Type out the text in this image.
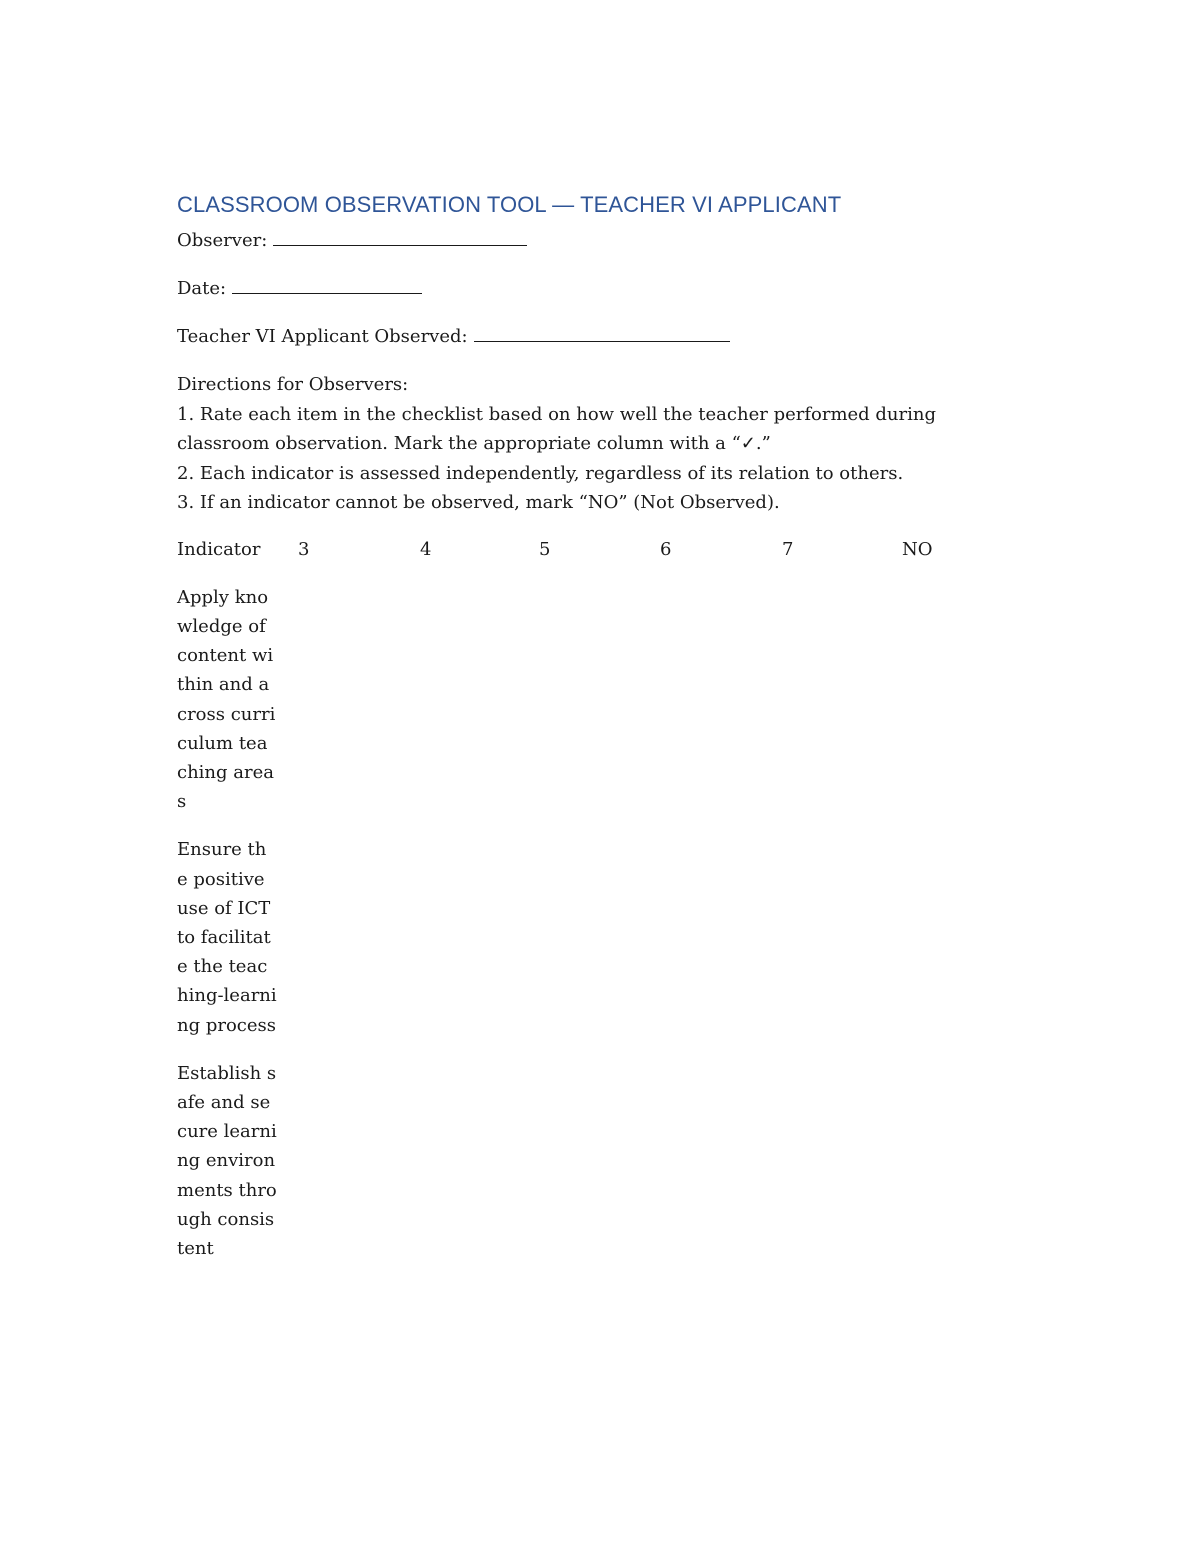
CLASSROOM OBSERVATION TOOL — TEACHER VI APPLICANT
Observer:
Date:
Teacher VI Applicant Observed:

Directions for Observers:

1. Rate each item in the checklist based on how well the teacher performed during classroom observation. Mark the appropriate column with a “✓.”

2. Each indicator is assessed independently, regardless of its relation to others.

3. If an indicator cannot be observed, mark “NO” (Not Observed).

Indicator	3	4	5	6	7	NO
Apply knowledge of content within and across curriculum teaching areas						
Ensure the positive use of ICT to facilitate the teaching-learning process						
Establish safe and secure learning environments through consistent						
